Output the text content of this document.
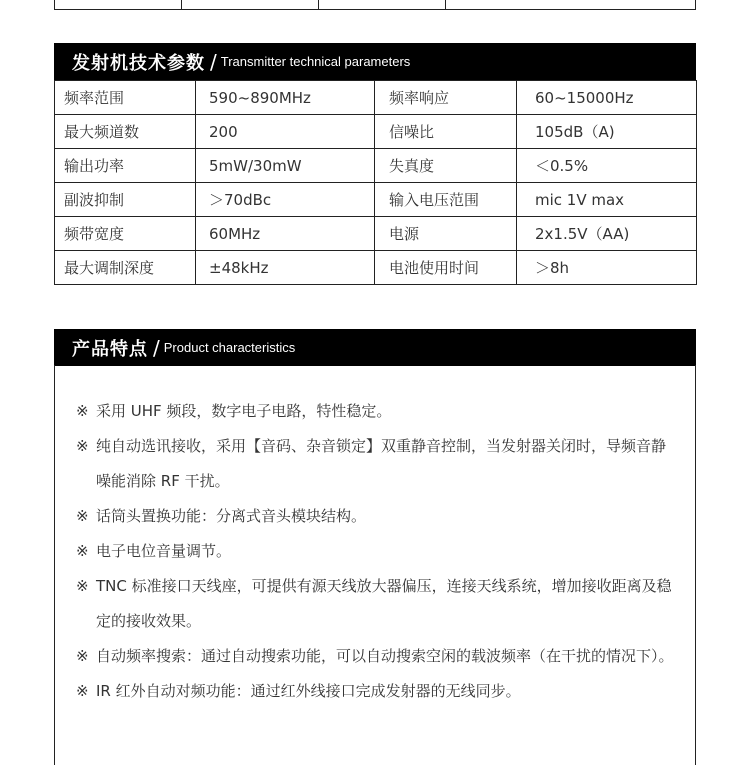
发射机技术参数 / Transmitter technical parameters
频率范围	590~890MHz	频率响应	60~15000Hz
最大频道数	200	信噪比	105dB（A)
输出功率	5mW/30mW	失真度	＜0.5%
副波抑制	＞70dBc	输入电压范围	mic 1V max
频带宽度	60MHz	电源	2x1.5V（AA)
最大调制深度	±48kHz	电池使用时间	＞8h
产品特点 / Product characteristics
※ 采用 UHF 频段，数字电子电路，特性稳定。
※ 纯自动选讯接收，采用【音码、杂音锁定】双重静音控制，当发射器关闭时，导频音静噪能消除 RF 干扰。
※ 话筒头置换功能：分离式音头模块结构。
※ 电子电位音量调节。
※ TNC 标准接口天线座，可提供有源天线放大器偏压，连接天线系统，增加接收距离及稳定的接收效果。
※ 自动频率搜索：通过自动搜索功能，可以自动搜索空闲的载波频率（在干扰的情况下）。
※ IR 红外自动对频功能：通过红外线接口完成发射器的无线同步。
